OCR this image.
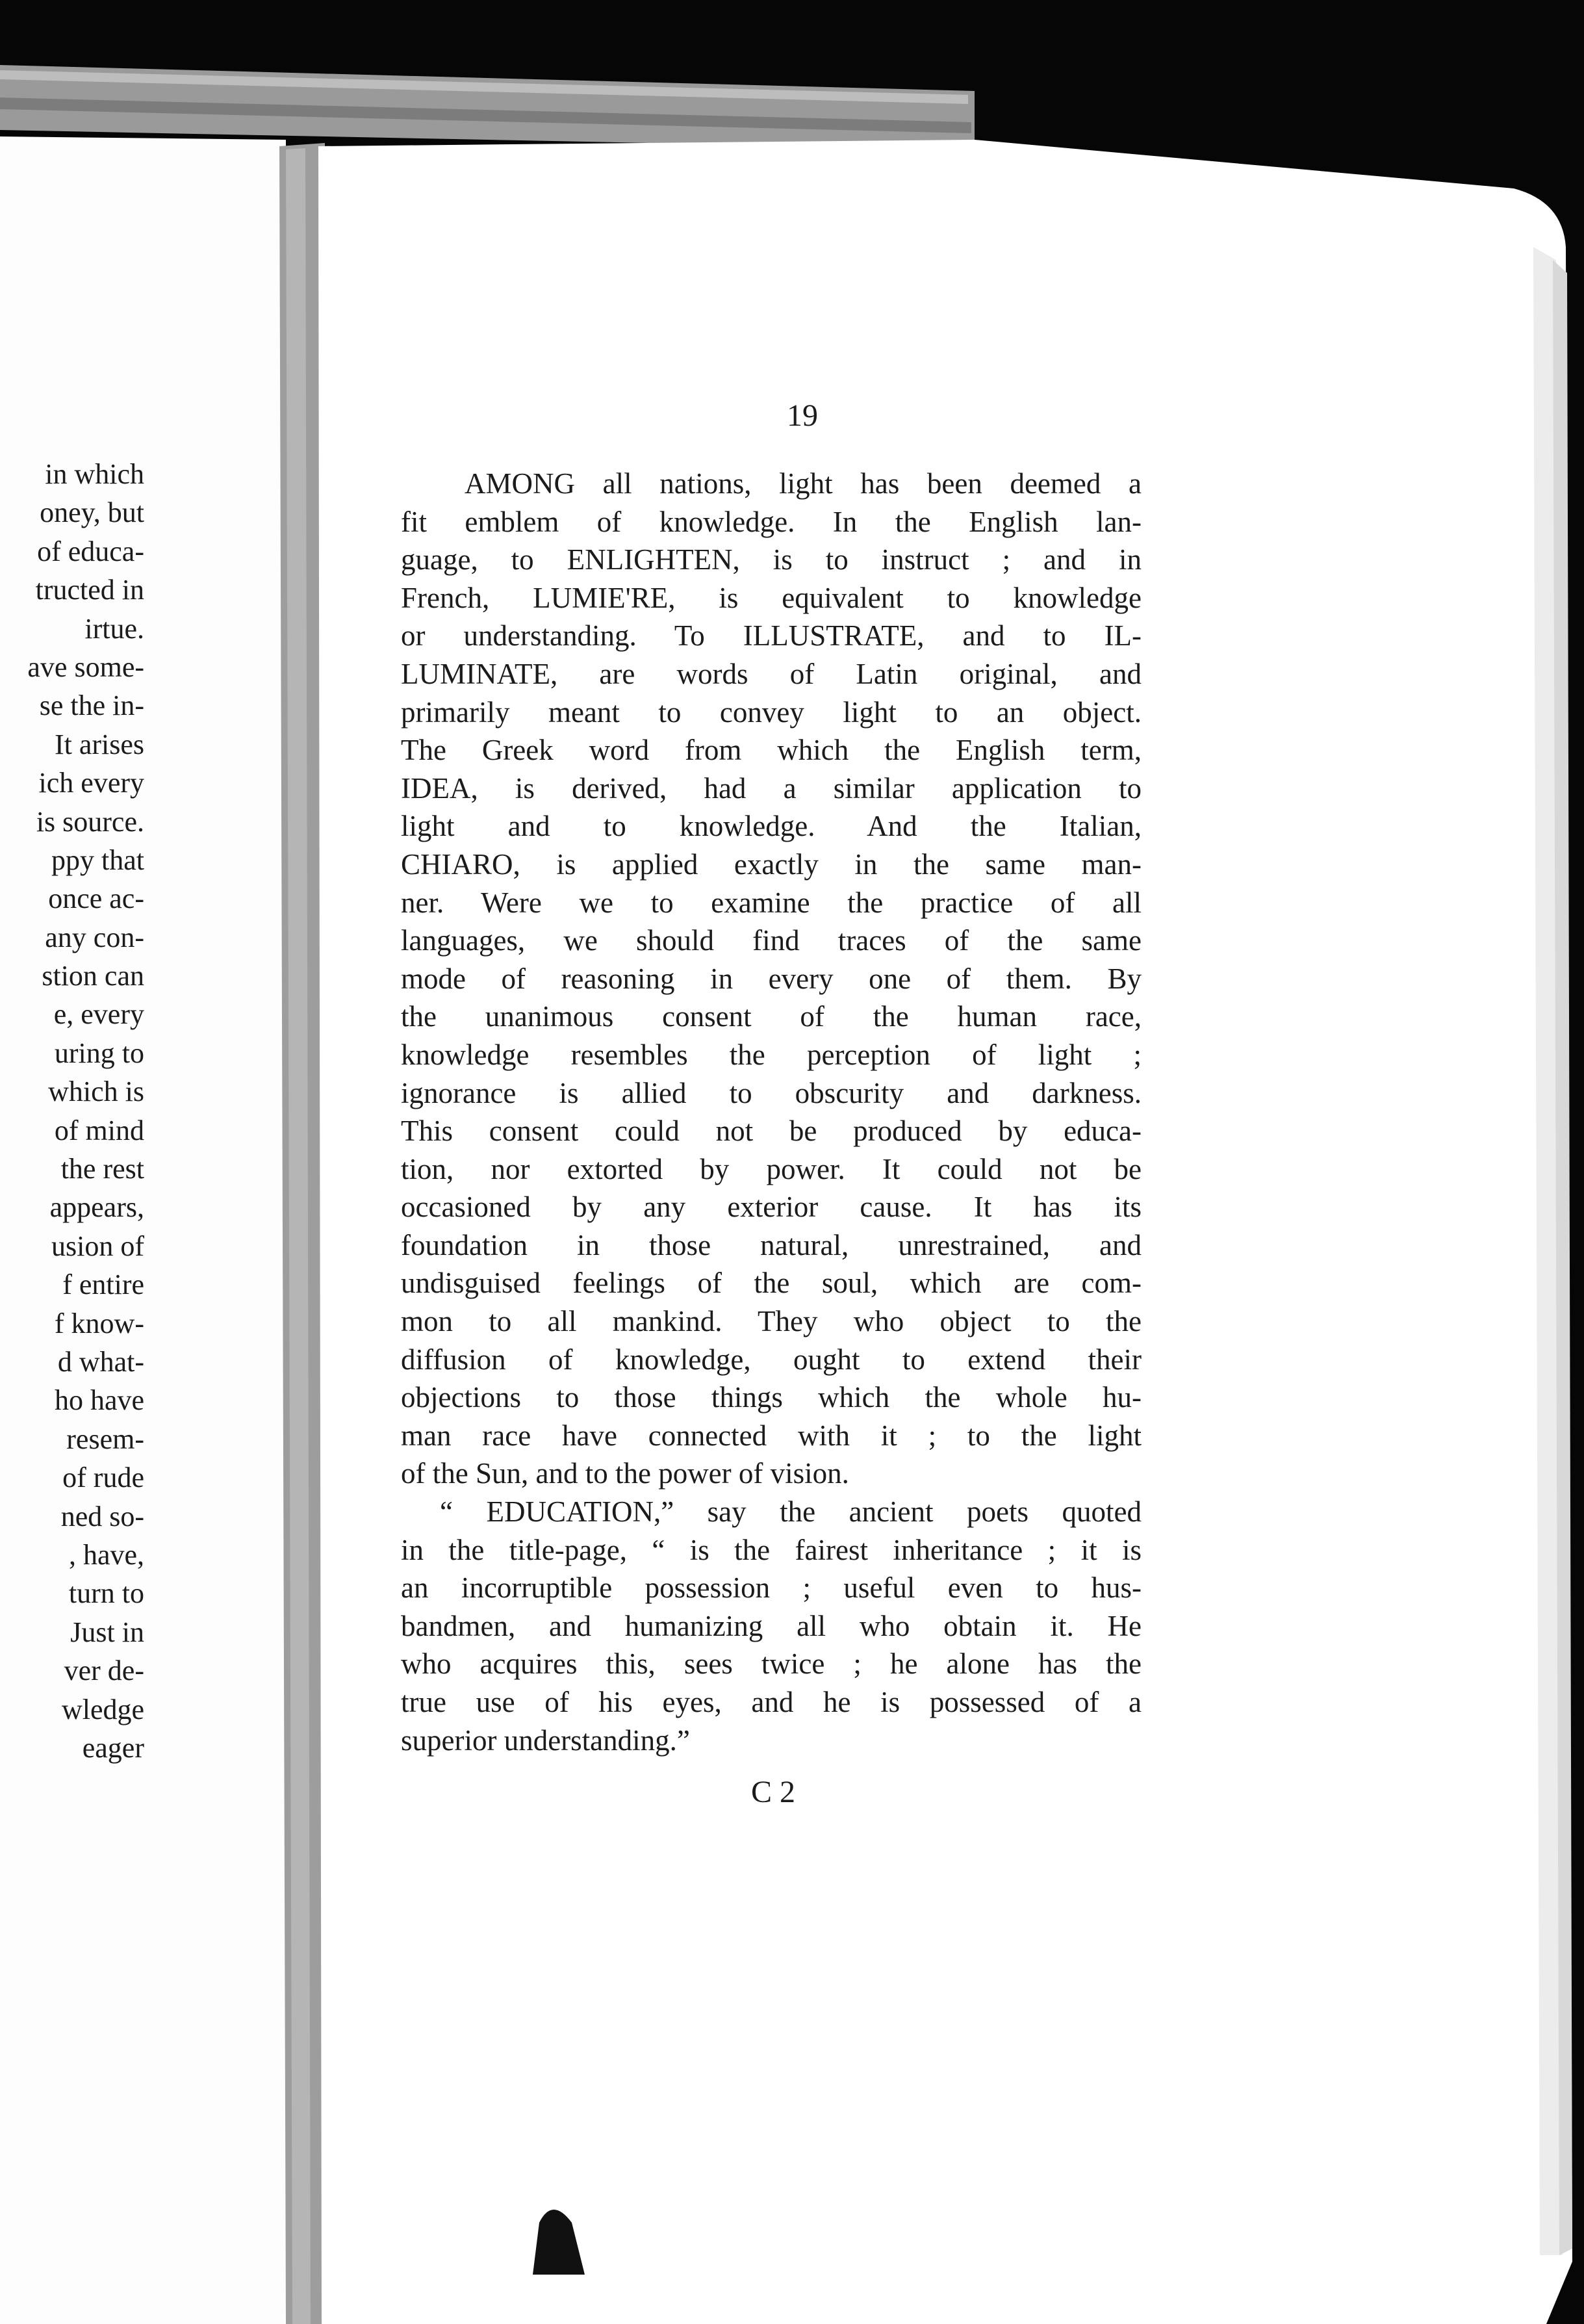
in which
oney, but
of educa-
tructed in
irtue.
ave some-
se the in-
It arises
ich every
is source.
ppy that
once ac-
any con-
stion can
e, every
uring to
which is
of mind
the rest
appears,
usion of
f entire
f know-
d what-
ho have
resem-
of rude
ned so-
, have,
turn to
Just in
ver de-
wledge
eager
19
AMONG all nations, light has been deemed a
fit emblem of knowledge. In the English lan-
guage, to ENLIGHTEN, is to instruct ; and in
French, LUMIE'RE, is equivalent to knowledge
or understanding. To ILLUSTRATE, and to IL-
LUMINATE, are words of Latin original, and
primarily meant to convey light to an object.
The Greek word from which the English term,
IDEA, is derived, had a similar application to
light and to knowledge. And the Italian,
CHIARO, is applied exactly in the same man-
ner. Were we to examine the practice of all
languages, we should find traces of the same
mode of reasoning in every one of them. By
the unanimous consent of the human race,
knowledge resembles the perception of light ;
ignorance is allied to obscurity and darkness.
This consent could not be produced by educa-
tion, nor extorted by power. It could not be
occasioned by any exterior cause. It has its
foundation in those natural, unrestrained, and
undisguised feelings of the soul, which are com-
mon to all mankind. They who object to the
diffusion of knowledge, ought to extend their
objections to those things which the whole hu-
man race have connected with it ; to the light
of the Sun, and to the power of vision.
“ EDUCATION,” say the ancient poets quoted
in the title-page, “ is the fairest inheritance ; it is
an incorruptible possession ; useful even to hus-
bandmen, and humanizing all who obtain it. He
who acquires this, sees twice ; he alone has the
true use of his eyes, and he is possessed of a
superior understanding.”
C 2
